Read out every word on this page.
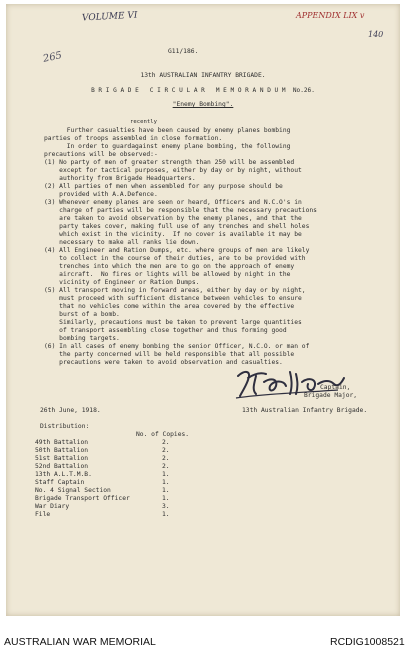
VOLUME VI	APPENDIX LIX v
140
265	G11/186.
13th AUSTRALIAN INFANTRY BRIGADE.
B R I G A D E   C I R C U L A R   M E M O R A N D U M  No.26.
"Enemy Bombing".
recently
Further casualties have been caused by enemy planes bombing
parties of troops assembled in close formation.
In order to guardagainst enemy plane bombing, the following
precautions will be observed:-
(1) No party of men of greater strength than 250 will be assembled
except for tactical purposes, either by day or by night, without
authority from Brigade Headquarters.
(2) All parties of men when assembled for any purpose should be
provided with A.A.Defence.
(3) Whenever enemy planes are seen or heard, Officers and N.C.O's in
charge of parties will be responsible that the necessary precautions
are taken to avoid observation by the enemy planes, and that the
party takes cover, making full use of any trenches and shell holes
which exist in the vicinity.  If no cover is available it may be
necessary to make all ranks lie down.
(4) All Engineer and Ration Dumps, etc. where groups of men are likely
to collect in the course of their duties, are to be provided with
trenches into which the men are to go on the approach of enemy
aircraft.  No fires or lights will be allowed by night in the
vicinity of Engineer or Ration Dumps.
(5) All transport moving in forward areas, either by day or by night,
must proceed with sufficient distance between vehicles to ensure
that no vehicles come within the area covered by the effective
burst of a bomb.
Similarly, precautions must be taken to prevent large quantities
of transport assembling close together and thus forming good
bombing targets.
(6) In all cases of enemy bombing the senior Officer, N.C.O. or man of
the party concerned will be held responsible that all possible
precautions were taken to avoid observation and casualties.
Captain,
Brigade Major,
26th June, 1918.	13th Australian Infantry Brigade.
Distribution:
No. of Copies.
49th Battalion	2.
50th Battalion	2.
51st Battalion	2.
52nd Battalion	2.
13th A.L.T.M.B.	1.
Staff Captain	1.
No. 4 Signal Section	1.
Brigade Transport Officer	1.
War Diary	3.
File	1.
AUSTRALIAN WAR MEMORIAL	RCDIG1008521
